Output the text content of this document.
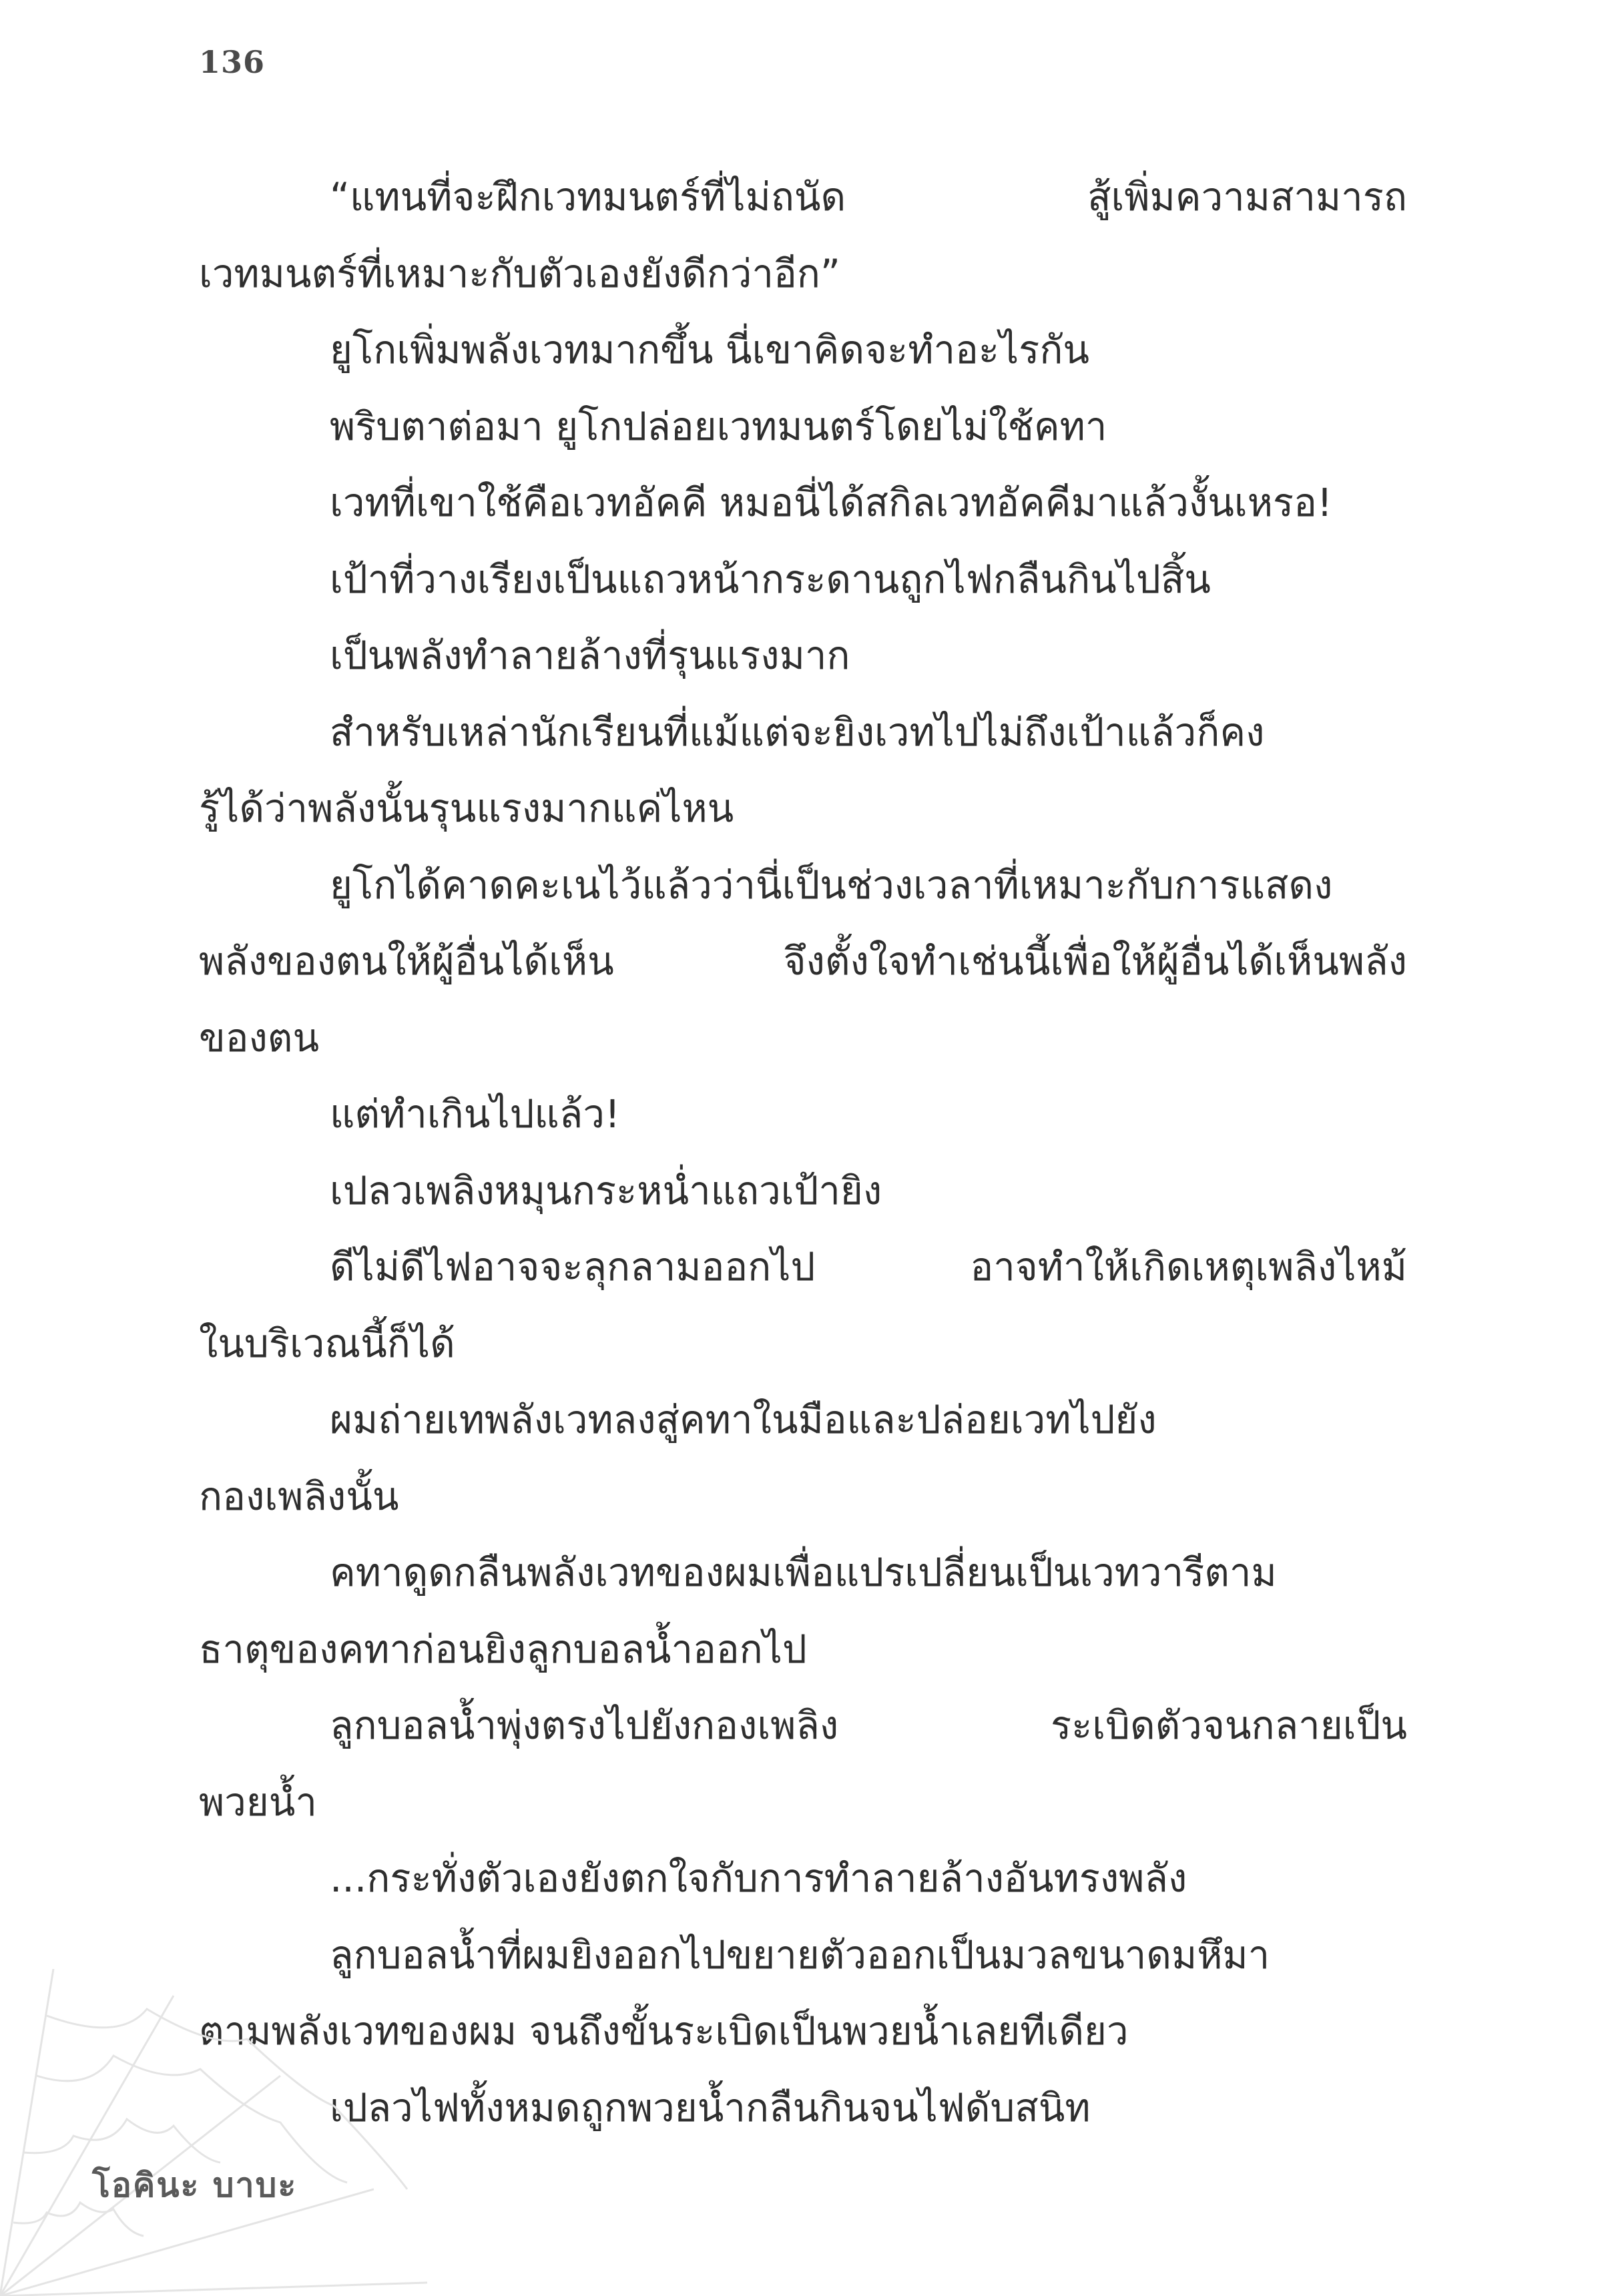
136
“แทนที่จะฝึกเวทมนตร์ที่ไม่ถนัด สู้เพิ่มความสามารถ
เวทมนตร์ที่เหมาะกับตัวเองยังดีกว่าอีก”
ยูโกเพิ่มพลังเวทมากขึ้น นี่เขาคิดจะทำอะไรกัน
พริบตาต่อมา ยูโกปล่อยเวทมนตร์โดยไม่ใช้คทา
เวทที่เขาใช้คือเวทอัคคี หมอนี่ได้สกิลเวทอัคคีมาแล้วงั้นเหรอ!
เป้าที่วางเรียงเป็นแถวหน้ากระดานถูกไฟกลืนกินไปสิ้น
เป็นพลังทำลายล้างที่รุนแรงมาก
สำหรับเหล่านักเรียนที่แม้แต่จะยิงเวทไปไม่ถึงเป้าแล้วก็คง
รู้ได้ว่าพลังนั้นรุนแรงมากแค่ไหน
ยูโกได้คาดคะเนไว้แล้วว่านี่เป็นช่วงเวลาที่เหมาะกับการแสดง
พลังของตนให้ผู้อื่นได้เห็น จึงตั้งใจทำเช่นนี้เพื่อให้ผู้อื่นได้เห็นพลัง
ของตน
แต่ทำเกินไปแล้ว!
เปลวเพลิงหมุนกระหน่ำแถวเป้ายิง
ดีไม่ดีไฟอาจจะลุกลามออกไป อาจทำให้เกิดเหตุเพลิงไหม้
ในบริเวณนี้ก็ได้
ผมถ่ายเทพลังเวทลงสู่คทาในมือและปล่อยเวทไปยัง
กองเพลิงนั้น
คทาดูดกลืนพลังเวทของผมเพื่อแปรเปลี่ยนเป็นเวทวารีตาม
ธาตุของคทาก่อนยิงลูกบอลน้ำออกไป
ลูกบอลน้ำพุ่งตรงไปยังกองเพลิง ระเบิดตัวจนกลายเป็น
พวยน้ำ
...กระทั่งตัวเองยังตกใจกับการทำลายล้างอันทรงพลัง
ลูกบอลน้ำที่ผมยิงออกไปขยายตัวออกเป็นมวลขนาดมหึมา
ตามพลังเวทของผม จนถึงขั้นระเบิดเป็นพวยน้ำเลยทีเดียว
เปลวไฟทั้งหมดถูกพวยน้ำกลืนกินจนไฟดับสนิท
โอคินะ บาบะ
